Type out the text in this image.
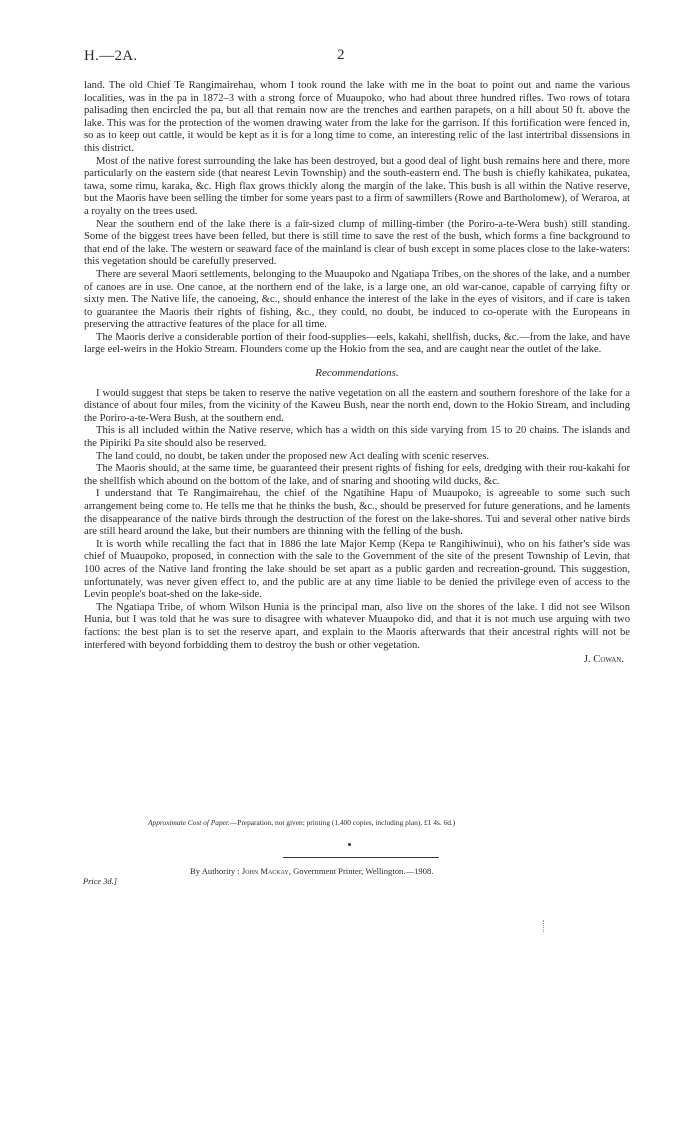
H.—2A.	2

land. The old Chief Te Rangimairehau, whom I took round the lake with me in the boat to point out and name the various localities, was in the pa in 1872–3 with a strong force of Muaupoko, who had about three hundred rifles. Two rows of totara palisading then encircled the pa, but all that remain now are the trenches and earthen parapets, on a hill about 50 ft. above the lake. This was for the protection of the women drawing water from the lake for the garrison. If this fortification were fenced in, so as to keep out cattle, it would be kept as it is for a long time to come, an interesting relic of the last intertribal dissensions in this district.

Most of the native forest surrounding the lake has been destroyed, but a good deal of light bush remains here and there, more particularly on the eastern side (that nearest Levin Township) and the south-eastern end. The bush is chiefly kahikatea, pukatea, tawa, some rimu, karaka, &c. High flax grows thickly along the margin of the lake. This bush is all within the Native reserve, but the Maoris have been selling the timber for some years past to a firm of sawmillers (Rowe and Bartholomew), of Weraroa, at a royalty on the trees used.

Near the southern end of the lake there is a fair-sized clump of milling-timber (the Poriro-a-te-Wera bush) still standing. Some of the biggest trees have been felled, but there is still time to save the rest of the bush, which forms a fine background to that end of the lake. The western or seaward face of the mainland is clear of bush except in some places close to the lake-waters: this vegetation should be carefully preserved.

There are several Maori settlements, belonging to the Muaupoko and Ngatiapa Tribes, on the shores of the lake, and a number of canoes are in use. One canoe, at the northern end of the lake, is a large one, an old war-canoe, capable of carrying fifty or sixty men. The Native life, the canoeing, &c., should enhance the interest of the lake in the eyes of visitors, and if care is taken to guarantee the Maoris their rights of fishing, &c., they could, no doubt, be induced to co-operate with the Europeans in preserving the attractive features of the place for all time.

The Maoris derive a considerable portion of their food-supplies—eels, kakahi, shellfish, ducks, &c.—from the lake, and have large eel-weirs in the Hokio Stream. Flounders come up the Hokio from the sea, and are caught near the outlet of the lake.

Recommendations.

I would suggest that steps be taken to reserve the native vegetation on all the eastern and southern foreshore of the lake for a distance of about four miles, from the vicinity of the Kaweu Bush, near the north end, down to the Hokio Stream, and including the Poriro-a-te-Wera Bush, at the southern end.

This is all included within the Native reserve, which has a width on this side varying from 15 to 20 chains. The islands and the Pipiriki Pa site should also be reserved.

The land could, no doubt, be taken under the proposed new Act dealing with scenic reserves.

The Maoris should, at the same time, be guaranteed their present rights of fishing for eels, dredging with their rou-kakahi for the shellfish which abound on the bottom of the lake, and of snaring and shooting wild ducks, &c.

I understand that Te Rangimairehau, the chief of the Ngatihine Hapu of Muaupoko, is agreeable to some such such arrangement being come to. He tells me that he thinks the bush, &c., should be preserved for future generations, and he laments the disappearance of the native birds through the destruction of the forest on the lake-shores. Tui and several other native birds are still heard around the lake, but their numbers are thinning with the felling of the bush.

It is worth while recalling the fact that in 1886 the late Major Kemp (Kepa te Rangihiwinui), who on his father's side was chief of Muaupoko, proposed, in connection with the sale to the Government of the site of the present Township of Levin, that 100 acres of the Native land fronting the lake should be set apart as a public garden and recreation-ground. This suggestion, unfortunately, was never given effect to, and the public are at any time liable to be denied the privilege even of access to the Levin people's boat-shed on the lake-side.

The Ngatiapa Tribe, of whom Wilson Hunia is the principal man, also live on the shores of the lake. I did not see Wilson Hunia, but I was told that he was sure to disagree with whatever Muaupoko did, and that it is not much use arguing with two factions: the best plan is to set the reserve apart, and explain to the Maoris afterwards that their ancestral rights will not be interfered with beyond forbidding them to destroy the bush or other vegetation.

J. Cowan.
Approximate Cost of Paper.—Preparation, not given; printing (1,400 copies, including plan), £1 4s. 6d.)
By Authority : John Mackay, Government Printer, Wellington.—1908.
Price 3d.]
